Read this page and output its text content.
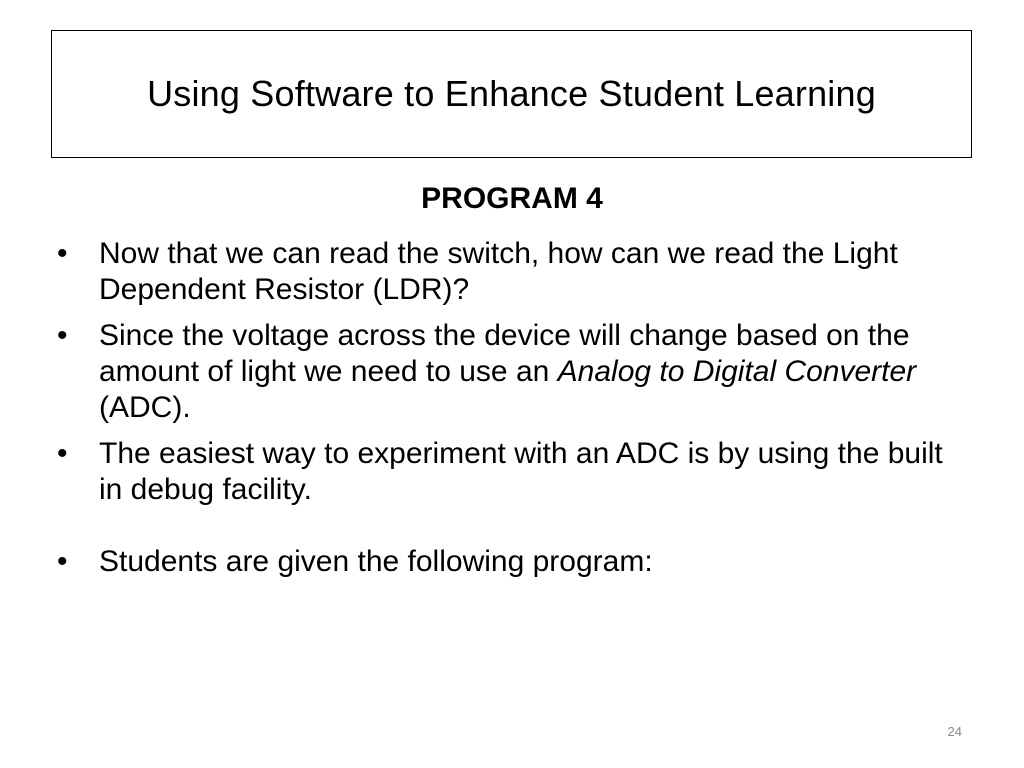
Using Software to Enhance Student Learning
PROGRAM 4
•	Now that we can read the switch, how can we read the Light Dependent Resistor (LDR)?
•	Since the voltage across the device will change based on the amount of light we need to use an Analog to Digital Converter (ADC).
•	The easiest way to experiment with an ADC is by using the built in debug facility.
•	Students are given the following program:
24
